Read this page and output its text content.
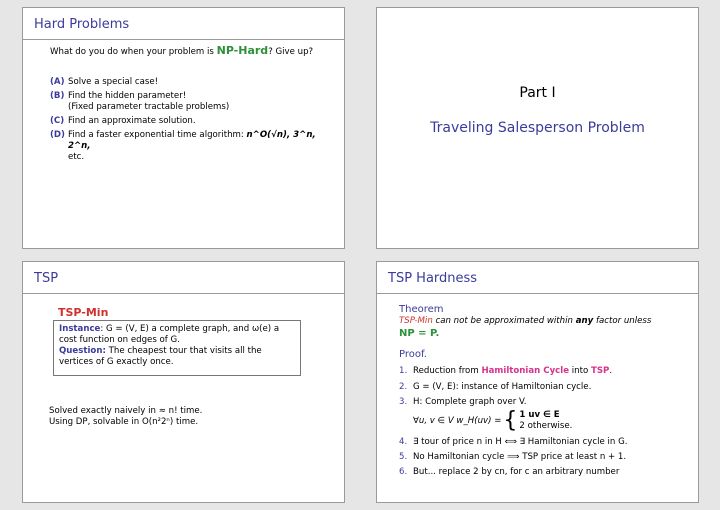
Hard Problems
What do you do when your problem is NP-Hard? Give up?
(A) Solve a special case!
(B) Find the hidden parameter!
(Fixed parameter tractable problems)
(C) Find an approximate solution.
(D) Find a faster exponential time algorithm: n^O(√n), 3^n, 2^n,
etc.
Part I
Traveling Salesperson Problem
TSP
TSP-Min
Instance: G = (V, E) a complete graph, and ω(e) a cost function on edges of G.
Question: The cheapest tour that visits all the vertices of G exactly once.
Solved exactly naively in ≈ n! time.
Using DP, solvable in O(n²2ⁿ) time.
TSP Hardness
Theorem
TSP-Min can not be approximated within any factor unless
NP = P.
Proof.
1. Reduction from Hamiltonian Cycle into TSP.
2. G = (V, E): instance of Hamiltonian cycle.
3. H: Complete graph over V.
∀u, v ∈ V w_H(uv) = { 1 uv ∈ E
2 otherwise.
4. ∃ tour of price n in H ⟺ ∃ Hamiltonian cycle in G.
5. No Hamiltonian cycle ⟹ TSP price at least n + 1.
6. But... replace 2 by cn, for c an arbitrary number
